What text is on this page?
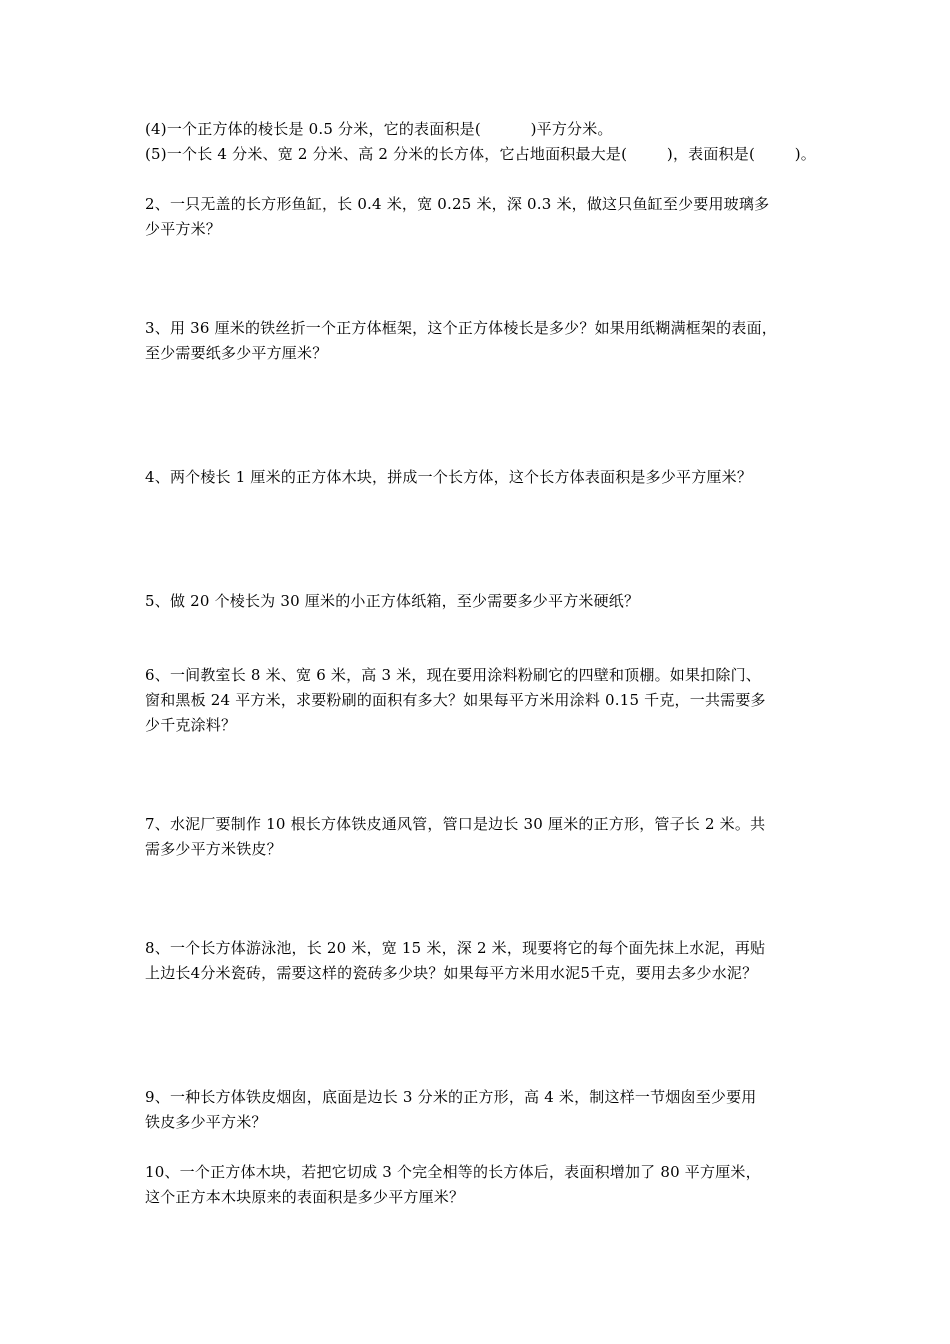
(4)一个正方体的棱长是 0.5 分米，它的表面积是(          )平方分米。
(5)一个长 4 分米、宽 2 分米、高 2 分米的长方体，它占地面积最大是(        )，表面积是(        )。
2、一只无盖的长方形鱼缸，长 0.4 米，宽 0.25 米，深 0.3 米，做这只鱼缸至少要用玻璃多
少平方米？
3、用 36 厘米的铁丝折一个正方体框架，这个正方体棱长是多少？如果用纸糊满框架的表面，
至少需要纸多少平方厘米？
4、两个棱长 1 厘米的正方体木块，拼成一个长方体，这个长方体表面积是多少平方厘米？
5、做 20 个棱长为 30 厘米的小正方体纸箱，至少需要多少平方米硬纸？
6、一间教室长 8 米、宽 6 米，高 3 米，现在要用涂料粉刷它的四壁和顶棚。如果扣除门、
窗和黑板 24 平方米，求要粉刷的面积有多大？如果每平方米用涂料 0.15 千克，一共需要多
少千克涂料？
7、水泥厂要制作 10 根长方体铁皮通风管，管口是边长 30 厘米的正方形，管子长 2 米。共
需多少平方米铁皮？
8、一个长方体游泳池，长 20 米，宽 15 米，深 2 米，现要将它的每个面先抹上水泥，再贴
上边长4分米瓷砖，需要这样的瓷砖多少块？如果每平方米用水泥5千克，要用去多少水泥？
9、一种长方体铁皮烟囱，底面是边长 3 分米的正方形，高 4 米，制这样一节烟囱至少要用
铁皮多少平方米？
10、一个正方体木块，若把它切成 3 个完全相等的长方体后，表面积增加了 80 平方厘米，
这个正方本木块原来的表面积是多少平方厘米？
